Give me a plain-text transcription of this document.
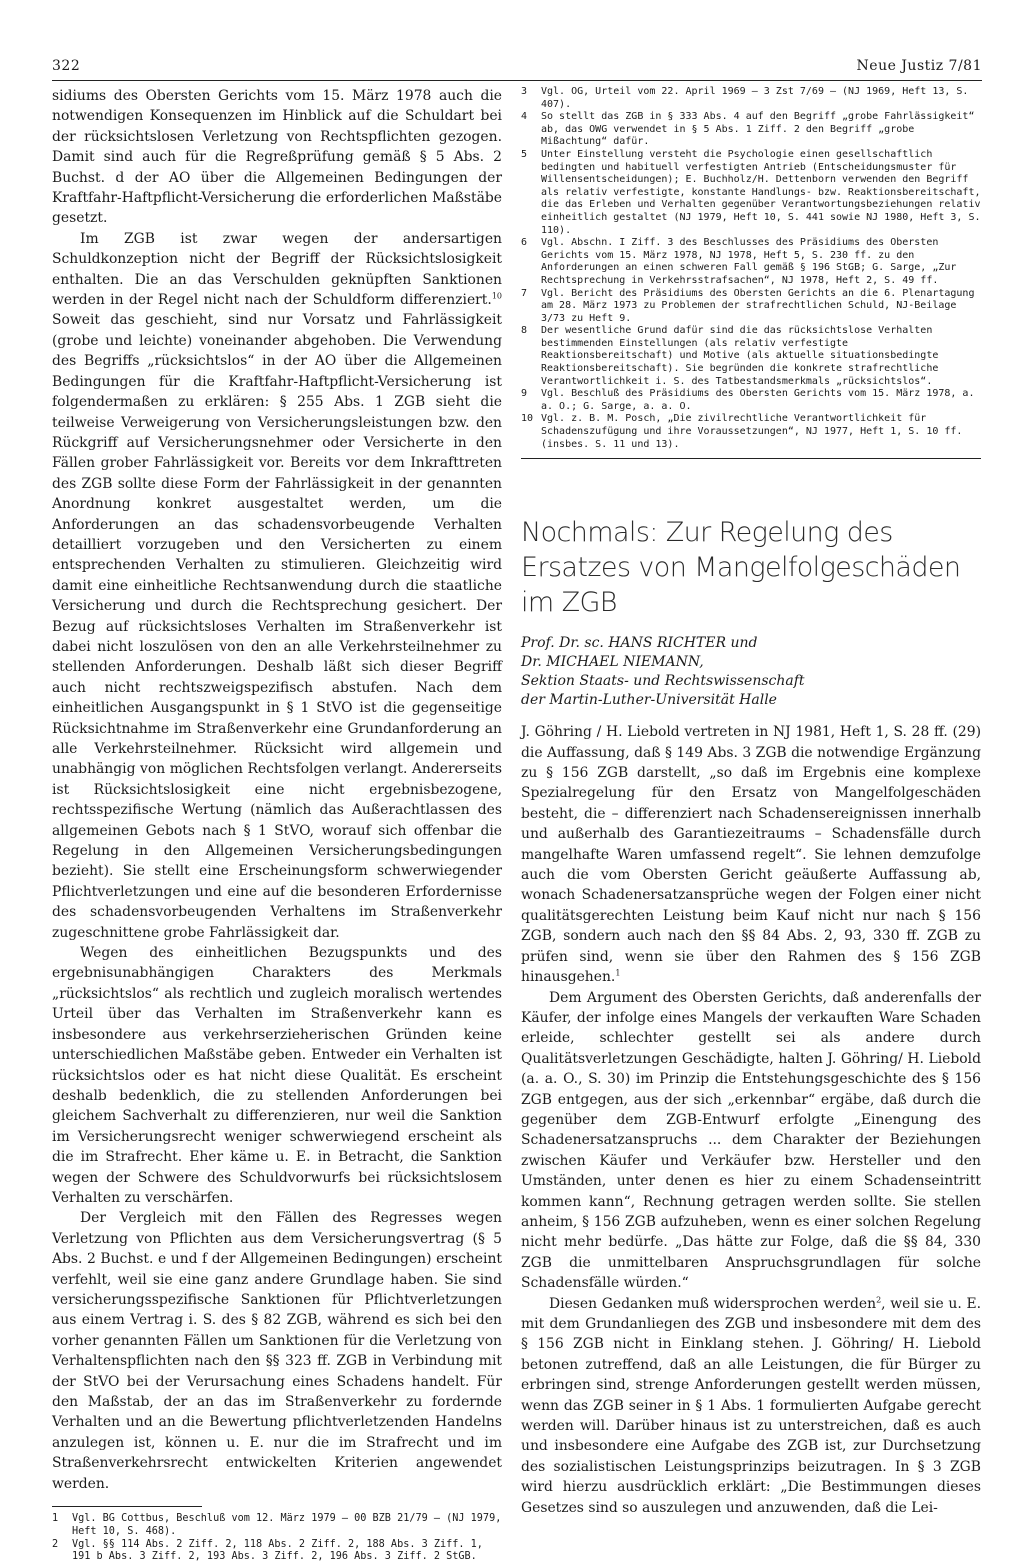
322	Neue Justiz 7/81

sidiums des Obersten Gerichts vom 15. März 1978 auch die notwendigen Konsequenzen im Hinblick auf die Schuldart bei der rücksichtslosen Verletzung von Rechtspflichten gezogen. Damit sind auch für die Regreßprüfung gemäß § 5 Abs. 2 Buchst. d der AO über die Allgemeinen Bedingungen der Kraftfahr-Haftpflicht-Versicherung die erforderlichen Maßstäbe gesetzt.

Im ZGB ist zwar wegen der andersartigen Schuldkonzeption nicht der Begriff der Rücksichtslosigkeit enthalten. Die an das Verschulden geknüpften Sanktionen werden in der Regel nicht nach der Schuldform differenziert.$^{10}$ Soweit das geschieht, sind nur Vorsatz und Fahrlässigkeit (grobe und leichte) voneinander abgehoben. Die Verwendung des Begriffs „rücksichtslos“ in der AO über die Allgemeinen Bedingungen für die Kraftfahr-Haftpflicht-Versicherung ist folgendermaßen zu erklären: § 255 Abs. 1 ZGB sieht die teilweise Verweigerung von Versicherungsleistungen bzw. den Rückgriff auf Versicherungsnehmer oder Versicherte in den Fällen grober Fahrlässigkeit vor. Bereits vor dem Inkrafttreten des ZGB sollte diese Form der Fahrlässigkeit in der genannten Anordnung konkret ausgestaltet werden, um die Anforderungen an das schadensvorbeugende Verhalten detailliert vorzugeben und den Versicherten zu einem entsprechenden Verhalten zu stimulieren. Gleichzeitig wird damit eine einheitliche Rechtsanwendung durch die staatliche Versicherung und durch die Rechtsprechung gesichert. Der Bezug auf rücksichtsloses Verhalten im Straßenverkehr ist dabei nicht loszulösen von den an alle Verkehrsteilnehmer zu stellenden Anforderungen. Deshalb läßt sich dieser Begriff auch nicht rechtszweigspezifisch abstufen. Nach dem einheitlichen Ausgangspunkt in § 1 StVO ist die gegenseitige Rücksichtnahme im Straßenverkehr eine Grundanforderung an alle Verkehrsteilnehmer. Rücksicht wird allgemein und unabhängig von möglichen Rechtsfolgen verlangt. Andererseits ist Rücksichtslosigkeit eine nicht ergebnisbezogene, rechtsspezifische Wertung (nämlich das Außerachtlassen des allgemeinen Gebots nach § 1 StVO, worauf sich offenbar die Regelung in den Allgemeinen Versicherungsbedingungen bezieht). Sie stellt eine Erscheinungsform schwerwiegender Pflichtverletzungen und eine auf die besonderen Erfordernisse des schadensvorbeugenden Verhaltens im Straßenverkehr zugeschnittene grobe Fahrlässigkeit dar.

Wegen des einheitlichen Bezugspunkts und des ergebnisunabhängigen Charakters des Merkmals „rücksichtslos“ als rechtlich und zugleich moralisch wertendes Urteil über das Verhalten im Straßenverkehr kann es insbesondere aus verkehrserzieherischen Gründen keine unterschiedlichen Maßstäbe geben. Entweder ein Verhalten ist rücksichtslos oder es hat nicht diese Qualität. Es erscheint deshalb bedenklich, die zu stellenden Anforderungen bei gleichem Sachverhalt zu differenzieren, nur weil die Sanktion im Versicherungsrecht weniger schwerwiegend erscheint als die im Strafrecht. Eher käme u. E. in Betracht, die Sanktion wegen der Schwere des Schuldvorwurfs bei rücksichtslosem Verhalten zu verschärfen.

Der Vergleich mit den Fällen des Regresses wegen Verletzung von Pflichten aus dem Versicherungsvertrag (§ 5 Abs. 2 Buchst. e und f der Allgemeinen Bedingungen) erscheint verfehlt, weil sie eine ganz andere Grundlage haben. Sie sind versicherungsspezifische Sanktionen für Pflichtverletzungen aus einem Vertrag i. S. des § 82 ZGB, während es sich bei den vorher genannten Fällen um Sanktionen für die Verletzung von Verhaltenspflichten nach den §§ 323 ff. ZGB in Verbindung mit der StVO bei der Verursachung eines Schadens handelt. Für den Maßstab, der an das im Straßenverkehr zu fordernde Verhalten und an die Bewertung pflichtverletzenden Handelns anzulegen ist, können u. E. nur die im Strafrecht und im Straßenverkehrsrecht entwickelten Kriterien angewendet werden.

1	Vgl. BG Cottbus, Beschluß vom 12. März 1979 – 00 BZB 21/79 – (NJ 1979, Heft 10, S. 468).
2	Vgl. §§ 114 Abs. 2 Ziff. 2, 118 Abs. 2 Ziff. 2, 188 Abs. 3 Ziff. 1, 191 b Abs. 3 Ziff. 2, 193 Abs. 3 Ziff. 2, 196 Abs. 3 Ziff. 2 StGB.
3	Vgl. OG, Urteil vom 22. April 1969 – 3 Zst 7/69 – (NJ 1969, Heft 13, S. 407).
4	So stellt das ZGB in § 333 Abs. 4 auf den Begriff „grobe Fahrlässigkeit“ ab, das OWG verwendet in § 5 Abs. 1 Ziff. 2 den Begriff „grobe Mißachtung“ dafür.
5	Unter Einstellung versteht die Psychologie einen gesellschaftlich bedingten und habituell verfestigten Antrieb (Entscheidungsmuster für Willensentscheidungen); E. Buchholz/H. Dettenborn verwenden den Begriff als relativ verfestigte, konstante Handlungs- bzw. Reaktionsbereitschaft, die das Erleben und Verhalten gegenüber Verantwortungsbeziehungen relativ einheitlich gestaltet (NJ 1979, Heft 10, S. 441 sowie NJ 1980, Heft 3, S. 110).
6	Vgl. Abschn. I Ziff. 3 des Beschlusses des Präsidiums des Obersten Gerichts vom 15. März 1978, NJ 1978, Heft 5, S. 230 ff. zu den Anforderungen an einen schweren Fall gemäß § 196 StGB; G. Sarge, „Zur Rechtsprechung in Verkehrsstrafsachen“, NJ 1978, Heft 2, S. 49 ff.
7	Vgl. Bericht des Präsidiums des Obersten Gerichts an die 6. Plenartagung am 28. März 1973 zu Problemen der strafrechtlichen Schuld, NJ-Beilage 3/73 zu Heft 9.
8	Der wesentliche Grund dafür sind die das rücksichtslose Verhalten bestimmenden Einstellungen (als relativ verfestigte Reaktionsbereitschaft) und Motive (als aktuelle situationsbedingte Reaktionsbereitschaft). Sie begründen die konkrete strafrechtliche Verantwortlichkeit i. S. des Tatbestandsmerkmals „rücksichtslos“.
9	Vgl. Beschluß des Präsidiums des Obersten Gerichts vom 15. März 1978, a. a. O.; G. Sarge, a. a. O.
10 Vgl. z. B. M. Posch, „Die zivilrechtliche Verantwortlichkeit für Schadenszufügung und ihre Voraussetzungen“, NJ 1977, Heft 1, S. 10 ff. (insbes. S. 11 und 13).
Nochmals: Zur Regelung des Ersatzes von Mangelfolgeschäden im ZGB
Prof. Dr. sc. HANS RICHTER und
Dr. MICHAEL NIEMANN,
Sektion Staats- und Rechtswissenschaft
der Martin-Luther-Universität Halle

J. Göhring / H. Liebold vertreten in NJ 1981, Heft 1, S. 28 ff. (29) die Auffassung, daß § 149 Abs. 3 ZGB die notwendige Ergänzung zu § 156 ZGB darstellt, „so daß im Ergebnis eine komplexe Spezialregelung für den Ersatz von Mangelfolgeschäden besteht, die – differenziert nach Schadensereignissen innerhalb und außerhalb des Garantiezeitraums – Schadensfälle durch mangelhafte Waren umfassend regelt“. Sie lehnen demzufolge auch die vom Obersten Gericht geäußerte Auffassung ab, wonach Schadenersatzansprüche wegen der Folgen einer nicht qualitätsgerechten Leistung beim Kauf nicht nur nach § 156 ZGB, sondern auch nach den §§ 84 Abs. 2, 93, 330 ff. ZGB zu prüfen sind, wenn sie über den Rahmen des § 156 ZGB hinausgehen.$^1$

Dem Argument des Obersten Gerichts, daß anderenfalls der Käufer, der infolge eines Mangels der verkauften Ware Schaden erleide, schlechter gestellt sei als andere durch Qualitätsverletzungen Geschädigte, halten J. Göhring/ H. Liebold (a. a. O., S. 30) im Prinzip die Entstehungsgeschichte des § 156 ZGB entgegen, aus der sich „erkennbar“ ergäbe, daß durch die gegenüber dem ZGB-Entwurf erfolgte „Einengung des Schadenersatzanspruchs ... dem Charakter der Beziehungen zwischen Käufer und Verkäufer bzw. Hersteller und den Umständen, unter denen es hier zu einem Schadenseintritt kommen kann“, Rechnung getragen werden sollte. Sie stellen anheim, § 156 ZGB aufzuheben, wenn es einer solchen Regelung nicht mehr bedürfe. „Das hätte zur Folge, daß die §§ 84, 330 ZGB die unmittelbaren Anspruchsgrundlagen für solche Schadensfälle würden.“

Diesen Gedanken muß widersprochen werden$^2$, weil sie u. E. mit dem Grundanliegen des ZGB und insbesondere mit dem des § 156 ZGB nicht in Einklang stehen. J. Göhring/ H. Liebold betonen zutreffend, daß an alle Leistungen, die für Bürger zu erbringen sind, strenge Anforderungen gestellt werden müssen, wenn das ZGB seiner in § 1 Abs. 1 formulierten Aufgabe gerecht werden will. Darüber hinaus ist zu unterstreichen, daß es auch und insbesondere eine Aufgabe des ZGB ist, zur Durchsetzung des sozialistischen Leistungsprinzips beizutragen. In § 3 ZGB wird hierzu ausdrücklich erklärt: „Die Bestimmungen dieses Gesetzes sind so auszulegen und anzuwenden, daß die Lei-
